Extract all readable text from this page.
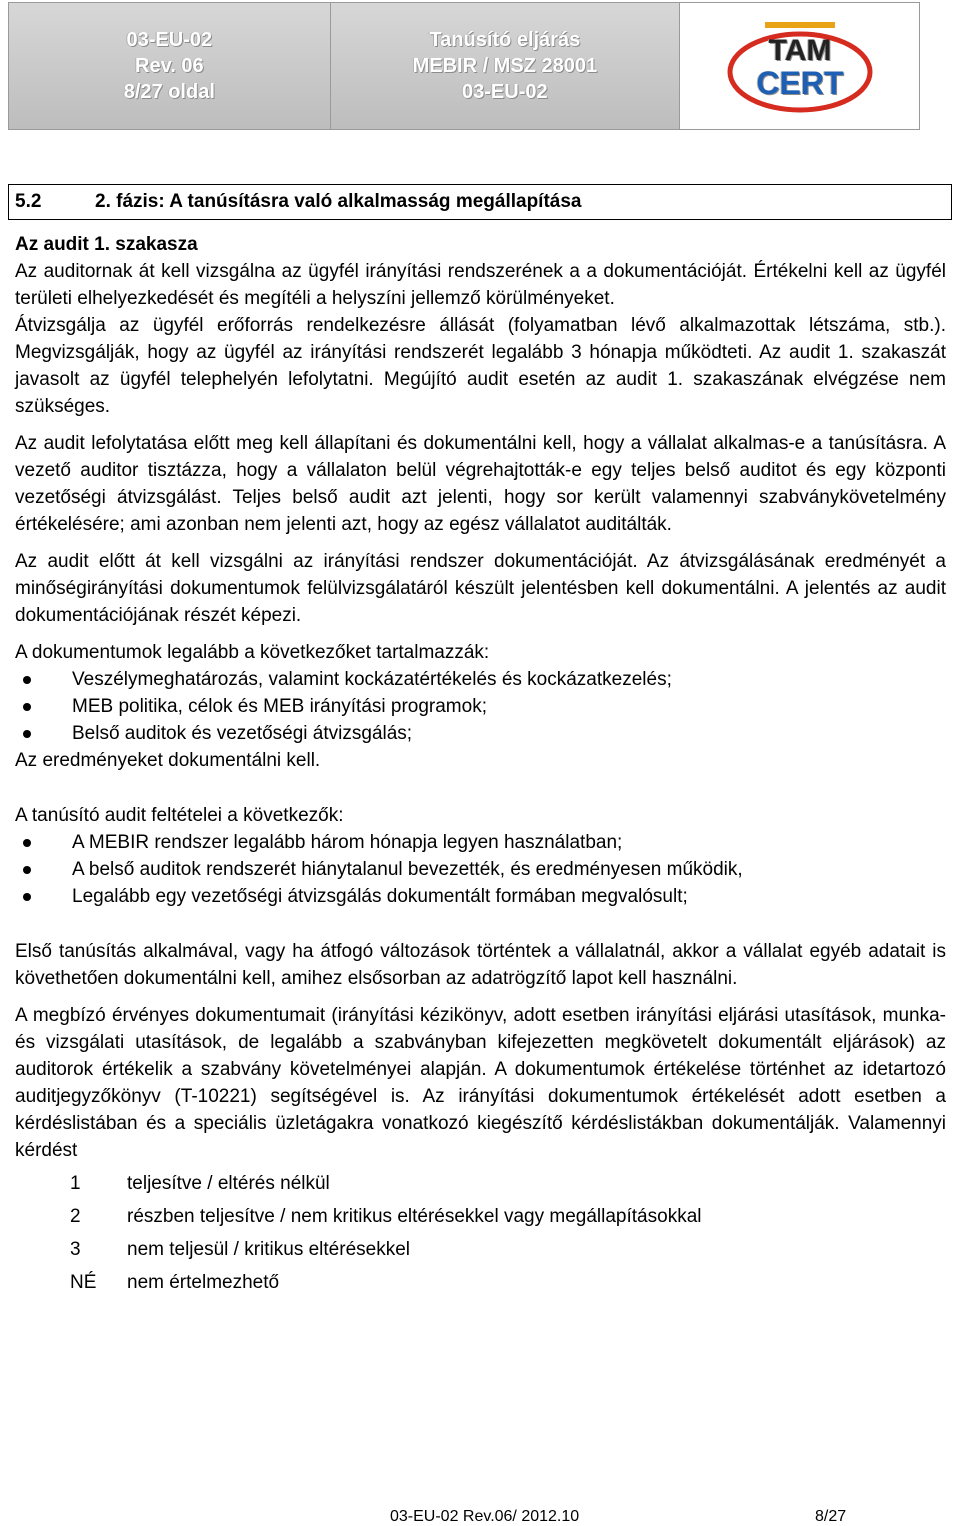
03-EU-02
Rev. 06
8/27 oldal
Tanúsító eljárás
MEBIR / MSZ 28001
03-EU-02
TAM
CERT
5.2	2. fázis: A tanúsításra való alkalmasság megállapítása

Az audit 1. szakasza

Az auditornak át kell vizsgálna az ügyfél irányítási rendszerének a a dokumentációját. Értékelni kell az ügyfél területi elhelyezkedését és megítéli a helyszíni jellemző körülményeket.

Átvizsgálja az ügyfél erőforrás rendelkezésre állását (folyamatban lévő alkalmazottak létszáma, stb.). Megvizsgálják, hogy az ügyfél az irányítási rendszerét legalább 3 hónapja működteti. Az audit 1. szakaszát javasolt az ügyfél telephelyén lefolytatni. Megújító audit esetén az audit 1. szakaszának elvégzése nem szükséges.

Az audit lefolytatása előtt meg kell állapítani és dokumentálni kell, hogy a vállalat alkalmas-e a tanúsításra. A vezető auditor tisztázza, hogy a vállalaton belül végrehajtották-e egy teljes belső auditot és egy központi vezetőségi átvizsgálást. Teljes belső audit azt jelenti, hogy sor került valamennyi szabványkövetelmény értékelésére; ami azonban nem jelenti azt, hogy az egész vállalatot auditálták.

Az audit előtt át kell vizsgálni az irányítási rendszer dokumentációját. Az átvizsgálásának eredményét a minőségirányítási dokumentumok felülvizsgálatáról készült jelentésben kell dokumentálni. A jelentés az audit dokumentációjának részét képezi.

A dokumentumok legalább a következőket tartalmazzák:

Veszélymeghatározás, valamint kockázatértékelés és kockázatkezelés;
MEB politika, célok és MEB irányítási programok;
Belső auditok és vezetőségi átvizsgálás;

Az eredményeket dokumentálni kell.

A tanúsító audit feltételei a következők:

A MEBIR rendszer legalább három hónapja legyen használatban;
A belső auditok rendszerét hiánytalanul bevezették, és eredményesen működik,
Legalább egy vezetőségi átvizsgálás dokumentált formában megvalósult;

Első tanúsítás alkalmával, vagy ha átfogó változások történtek a vállalatnál, akkor a vállalat egyéb adatait is követhetően dokumentálni kell, amihez elsősorban az adatrögzítő lapot kell használni.

A megbízó érvényes dokumentumait (irányítási kézikönyv, adott esetben irányítási eljárási utasítások, munka- és vizsgálati utasítások, de legalább a szabványban kifejezetten megkövetelt dokumentált eljárások) az auditorok értékelik a szabvány követelményei alapján. A dokumentumok értékelése történhet az idetartozó auditjegyzőkönyv (T-10221) segítségével is. Az irányítási dokumentumok értékelését adott esetben a kérdéslistában és a speciális üzletágakra vonatkozó kiegészítő kérdéslistákban dokumentálják. Valamennyi kérdést

1	teljesítve / eltérés nélkül
2	részben teljesítve / nem kritikus eltérésekkel vagy megállapításokkal
3	nem teljesül / kritikus eltérésekkel
NÉ	nem értelmezhető
03-EU-02 Rev.06/ 2012.10	8/27
